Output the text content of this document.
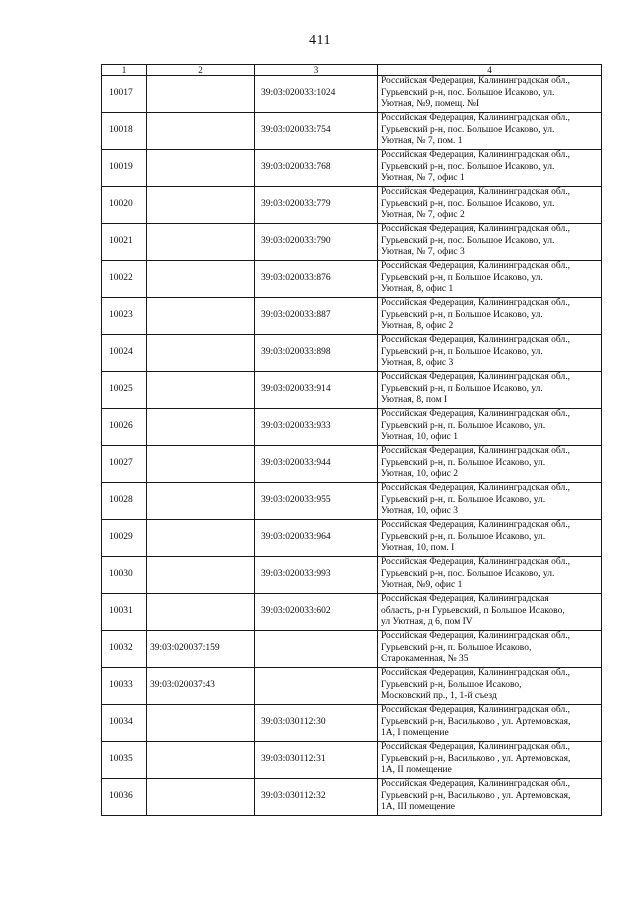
411
1	2	3	4
10017		39:03:020033:1024	Российская Федерация, Калининградская обл.,
Гурьевский р-н, пос. Большое Исаково, ул.
Уютная, №9, помещ. №I

10018		39:03:020033:754	Российская Федерация, Калининградская обл.,
Гурьевский р-н, пос. Большое Исаково, ул.
Уютная, № 7, пом. 1

10019		39:03:020033:768	Российская Федерация, Калининградская обл.,
Гурьевский р-н, пос. Большое Исаково, ул.
Уютная, № 7, офис 1

10020		39:03:020033:779	Российская Федерация, Калининградская обл.,
Гурьевский р-н, пос. Большое Исаково, ул.
Уютная, № 7, офис 2

10021		39:03:020033:790	Российская Федерация, Калининградская обл.,
Гурьевский р-н, пос. Большое Исаково, ул.
Уютная, № 7, офис 3

10022		39:03:020033:876	Российская Федерация, Калининградская обл.,
Гурьевский р-н, п Большое Исаково, ул.
Уютная, 8, офис 1

10023		39:03:020033:887	Российская Федерация, Калининградская обл.,
Гурьевский р-н, п Большое Исаково, ул.
Уютная, 8, офис 2

10024		39:03:020033:898	Российская Федерация, Калининградская обл.,
Гурьевский р-н, п Большое Исаково, ул.
Уютная, 8, офис 3

10025		39:03:020033:914	Российская Федерация, Калининградская обл.,
Гурьевский р-н, п Большое Исаково, ул.
Уютная, 8, пом I

10026		39:03:020033:933	Российская Федерация, Калининградская обл.,
Гурьевский р-н, п. Большое Исаково, ул.
Уютная, 10, офис 1

10027		39:03:020033:944	Российская Федерация, Калининградская обл.,
Гурьевский р-н, п. Большое Исаково, ул.
Уютная, 10, офис 2

10028		39:03:020033:955	Российская Федерация, Калининградская обл.,
Гурьевский р-н, п. Большое Исаково, ул.
Уютная, 10, офис 3

10029		39:03:020033:964	Российская Федерация, Калининградская обл.,
Гурьевский р-н, п. Большое Исаково, ул.
Уютная, 10, пом. I

10030		39:03:020033:993	Российская Федерация, Калининградская обл.,
Гурьевский р-н, пос. Большое Исаково, ул.
Уютная, №9, офис 1

10031		39:03:020033:602	Российская Федерация, Калининградская
область, р-н Гурьевский, п Большое Исаково,
ул Уютная, д 6, пом IV

10032	39:03:020037:159		Российская Федерация, Калининградская обл.,
Гурьевский р-н, п. Большое Исаково,
Старокаменная, № 35

10033	39:03:020037:43		Российская Федерация, Калининградская обл.,
Гурьевский р-н, Большое Исаково,
Московский пр., 1, 1-й съезд

10034		39:03:030112:30	Российская Федерация, Калининградская обл.,
Гурьевский р-н, Васильково , ул. Артемовская,
1А, I помещение

10035		39:03:030112:31	Российская Федерация, Калининградская обл.,
Гурьевский р-н, Васильково , ул. Артемовская,
1А, II помещение

10036		39:03:030112:32	Российская Федерация, Калининградская обл.,
Гурьевский р-н, Васильково , ул. Артемовская,
1А, III помещение
